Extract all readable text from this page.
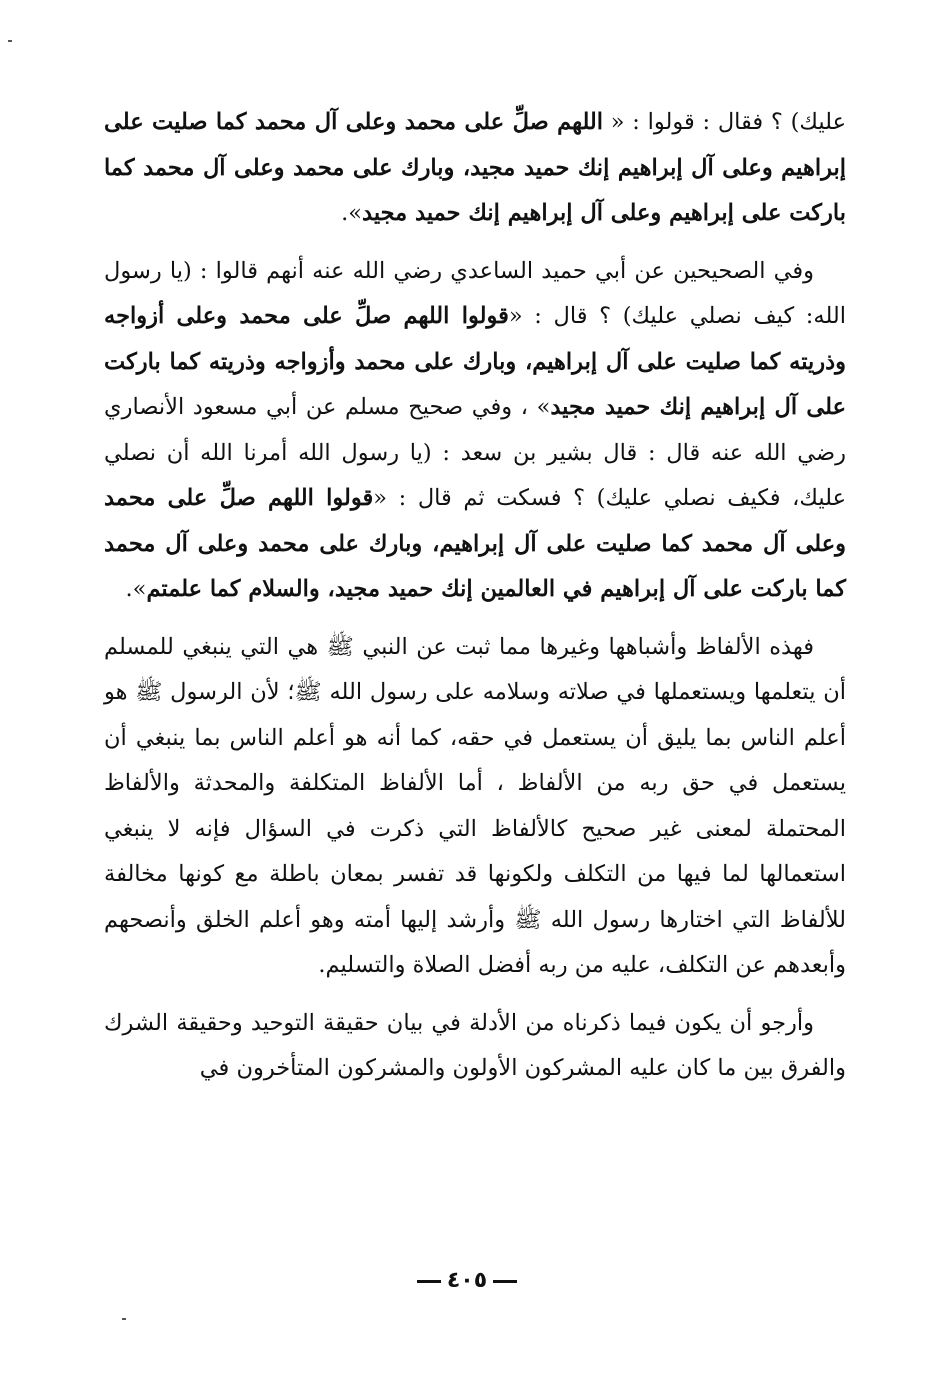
عليك) ؟ فقال : قولوا : « اللهم صلِّ على محمد وعلى آل محمد كما صليت على إبراهيم وعلى آل إبراهيم إنك حميد مجيد، وبارك على محمد وعلى آل محمد كما باركت على إبراهيم وعلى آل إبراهيم إنك حميد مجيد».

وفي الصحيحين عن أبي حميد الساعدي رضي الله عنه أنهم قالوا : (يا رسول الله: كيف نصلي عليك) ؟ قال : «قولوا اللهم صلِّ على محمد وعلى أزواجه وذريته كما صليت على آل إبراهيم، وبارك على محمد وأزواجه وذريته كما باركت على آل إبراهيم إنك حميد مجيد» ، وفي صحيح مسلم عن أبي مسعود الأنصاري رضي الله عنه قال : قال بشير بن سعد : (يا رسول الله أمرنا الله أن نصلي عليك، فكيف نصلي عليك) ؟ فسكت ثم قال : «قولوا اللهم صلِّ على محمد وعلى آل محمد كما صليت على آل إبراهيم، وبارك على محمد وعلى آل محمد كما باركت على آل إبراهيم في العالمين إنك حميد مجيد، والسلام كما علمتم».

فهذه الألفاظ وأشباهها وغيرها مما ثبت عن النبي ﷺ هي التي ينبغي للمسلم أن يتعلمها ويستعملها في صلاته وسلامه على رسول الله ﷺ؛ لأن الرسول ﷺ هو أعلم الناس بما يليق أن يستعمل في حقه، كما أنه هو أعلم الناس بما ينبغي أن يستعمل في حق ربه من الألفاظ ، أما الألفاظ المتكلفة والمحدثة والألفاظ المحتملة لمعنى غير صحيح كالألفاظ التي ذكرت في السؤال فإنه لا ينبغي استعمالها لما فيها من التكلف ولكونها قد تفسر بمعان باطلة مع كونها مخالفة للألفاظ التي اختارها رسول الله ﷺ وأرشد إليها أمته وهو أعلم الخلق وأنصحهم وأبعدهم عن التكلف، عليه من ربه أفضل الصلاة والتسليم.

وأرجو أن يكون فيما ذكرناه من الأدلة في بيان حقيقة التوحيد وحقيقة الشرك والفرق بين ما كان عليه المشركون الأولون والمشركون المتأخرون في

٤٠٥
